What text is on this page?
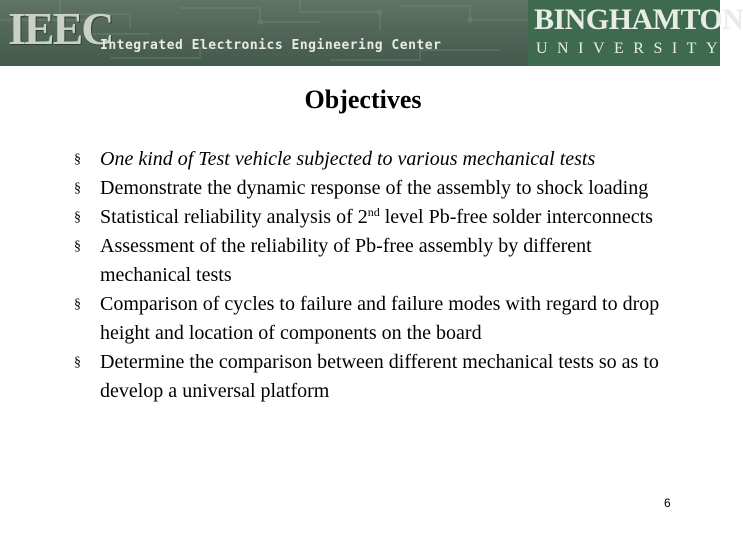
IEEC
Integrated Electronics Engineering Center
BINGHAMTON
UNIVERSITY
Objectives
§ One kind of Test vehicle subjected to various mechanical tests
§ Demonstrate the dynamic response of the assembly to shock loading
§ Statistical reliability analysis of 2nd level Pb-free solder interconnects
§ Assessment of the reliability of Pb-free assembly by different mechanical tests
§ Comparison of cycles to failure and failure modes with regard to drop height and location of components on the board
§ Determine the comparison between different mechanical tests so as to develop a universal platform
6
